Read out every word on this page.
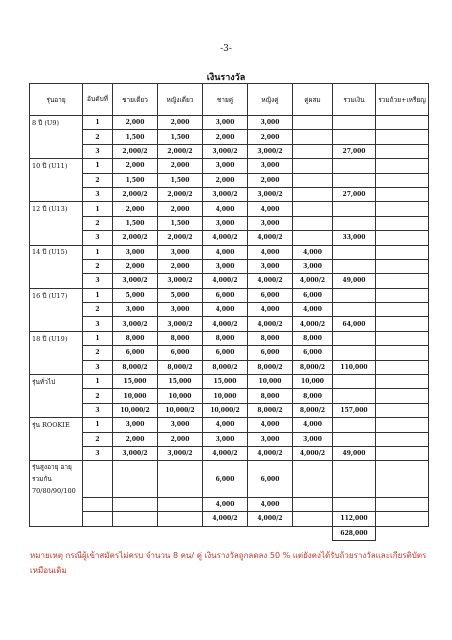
-3-
เงินรางวัล
รุ่นอายุ	อันดับที่	ชายเดี่ยว	หญิงเดี่ยว	ชายคู่	หญิงคู่	คู่ผสม	รวมเงิน	รวมถ้วย+เหรียญ
8 ปี (U9)	1	2,000	2,000	3,000	3,000			
	2	1,500	1,500	2,000	2,000			
	3	2,000/2	2,000/2	3,000/2	3,000/2		27,000	
10 ปี (U11)	1	2,000	2,000	3,000	3,000			
	2	1,500	1,500	2,000	2,000			
	3	2,000/2	2,000/2	3,000/2	3,000/2		27,000	
12 ปี (U13)	1	2,000	2,000	4,000	4,000			
	2	1,500	1,500	3,000	3,000			
	3	2,000/2	2,000/2	4,000/2	4,000/2		33,000	
14 ปี (U15)	1	3,000	3,000	4,000	4,000	4,000		
	2	2,000	2,000	3,000	3,000	3,000		
	3	3,000/2	3,000/2	4,000/2	4,000/2	4,000/2	49,000	
16 ปี (U17)	1	5,000	5,000	6,000	6,000	6,000		
	2	3,000	3,000	4,000	4,000	4,000		
	3	3,000/2	3,000/2	4,000/2	4,000/2	4,000/2	64,000	
18 ปี (U19)	1	8,000	8,000	8,000	8,000	8,000		
	2	6,000	6,000	6,000	6,000	6,000		
	3	8,000/2	8,000/2	8,000/2	8,000/2	8,000/2	110,000	
รุ่นทั่วไป	1	15,000	15,000	15,000	10,000	10,000		
	2	10,000	10,000	10,000	8,000	8,000		
	3	10,000/2	10,000/2	10,000/2	8,000/2	8,000/2	157,000	
รุ่น ROOKIE	1	3,000	3,000	4,000	4,000	4,000		
	2	2,000	2,000	3,000	3,000	3,000		
	3	3,000/2	3,000/2	4,000/2	4,000/2	4,000/2	49,000	
รุ่นสูงอายุ อายุรวมกัน 70/80/90/100				6,000	6,000			
				4,000	4,000			
				4,000/2	4,000/2		112,000	
							628,000	
หมายเหตุ กรณีผู้เข้าสมัครไม่ครบ จำนวน 8 คน/ คู่ เงินรางวัลถูกลดลง 50 % แต่ยังคงได้รับถ้วยรางวัลและเกียรติบัตรเหมือนเดิม
